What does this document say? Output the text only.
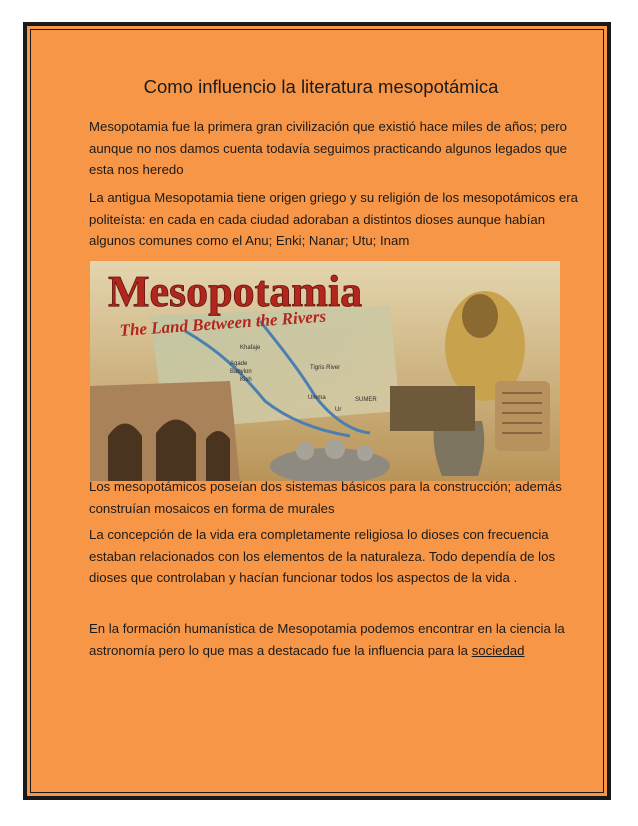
Como influencio la literatura mesopotámica

Mesopotamia fue la primera gran civilización que existió hace miles de años; pero aunque no nos damos cuenta todavía seguimos practicando algunos legados que esta nos heredo

La antigua Mesopotamia tiene origen griego y su religión de los mesopotámicos era politeísta: en cada en cada ciudad adoraban a distintos dioses aunque habían algunos comunes como el Anu; Enki; Nanar; Utu; Inam

Mesopotamia
The Land Between the Rivers
Khafaje
Agade
Babylon
Kish
Tigris River
Ur
Umma	SUMER

Los mesopotámicos poseían dos sistemas básicos para la construcción; además construían mosaicos en forma de murales

La concepción de la vida era completamente religiosa lo dioses con frecuencia estaban relacionados con los elementos de la naturaleza. Todo dependía de los dioses que controlaban y hacían funcionar todos los aspectos de la vida .

En la formación humanística de Mesopotamia podemos encontrar en la ciencia la astronomía pero lo que mas a destacado fue la influencia para la sociedad
